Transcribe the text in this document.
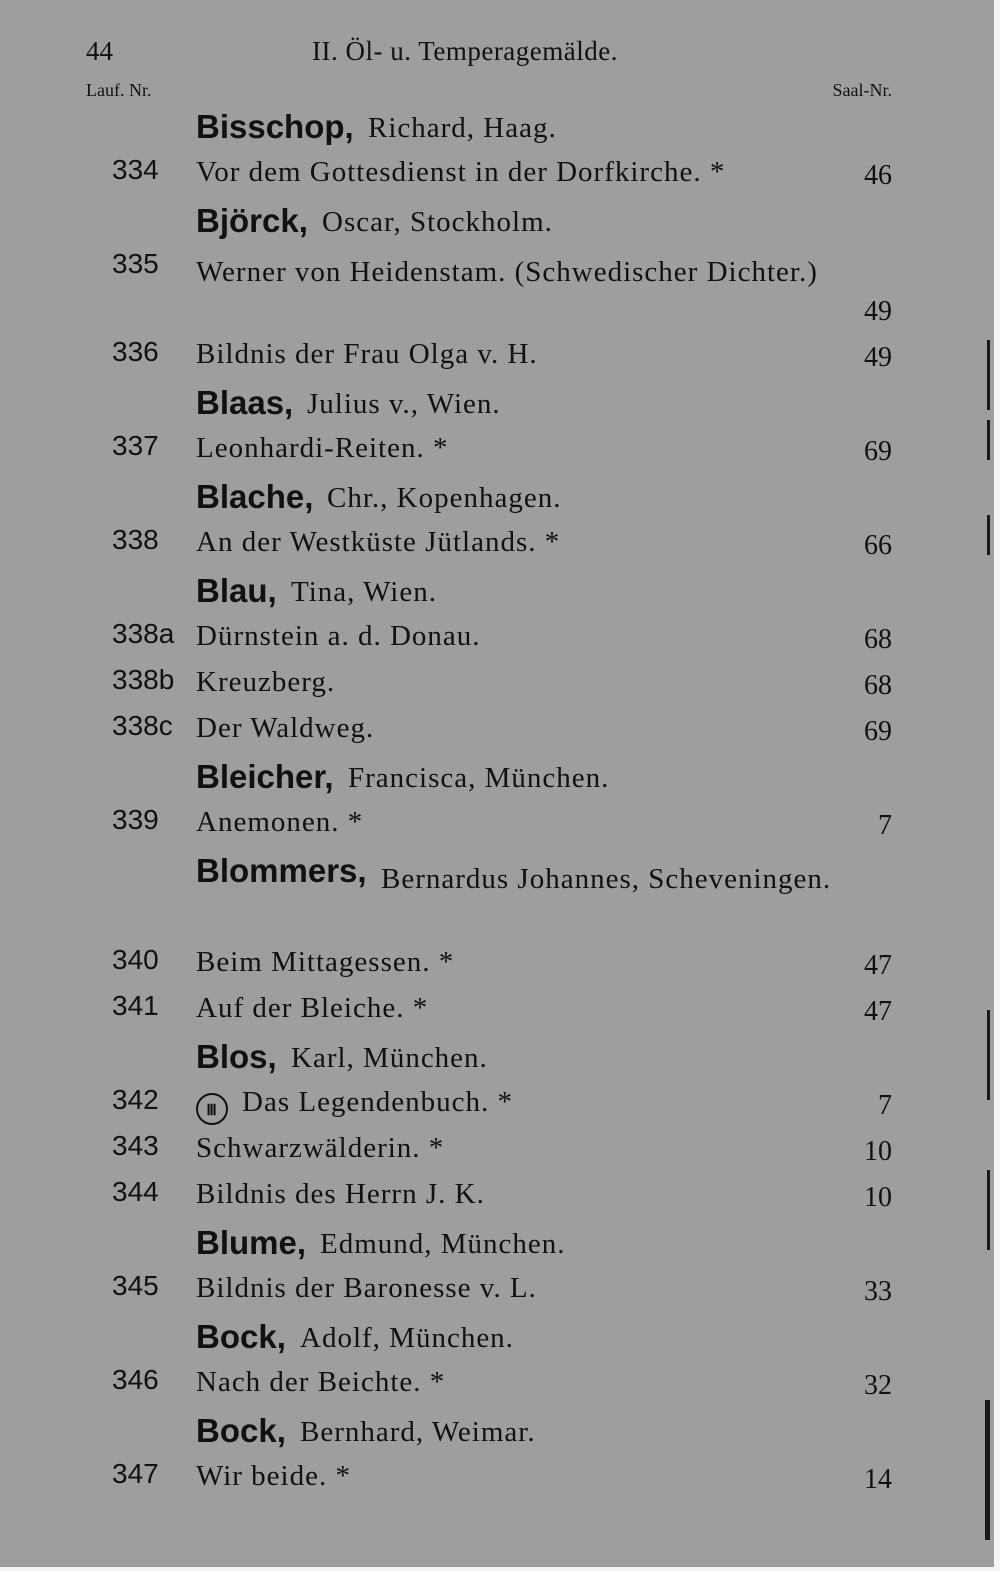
44	II. Öl- u. Temperagemälde.
Lauf. Nr.	Saal-Nr.
Bisschop, Richard, Haag.
334 Vor dem Gottesdienst in der Dorfkirche. *	46
Björck, Oscar, Stockholm.
335 Werner von Heidenstam. (Schwedischer Dichter.)
49
336 Bildnis der Frau Olga v. H.	49
Blaas, Julius v., Wien.
337 Leonhardi-Reiten. *	69
Blache, Chr., Kopenhagen.
338 An der Westküste Jütlands. *	66
Blau, Tina, Wien.
338a Dürnstein a. d. Donau.	68
338b Kreuzberg.	68
338c Der Waldweg.	69
Bleicher, Francisca, München.
339 Anemonen. *	7
Blommers, Bernardus Johannes, Scheveningen.
340 Beim Mittagessen. *	47
341 Auf der Bleiche. *	47
Blos, Karl, München.
342	Ⅲ Das Legendenbuch. *	7
343 Schwarzwälderin. *	10
344 Bildnis des Herrn J. K.	10
Blume, Edmund, München.
345 Bildnis der Baronesse v. L.	33
Bock, Adolf, München.
346 Nach der Beichte. *	32
Bock, Bernhard, Weimar.
347 Wir beide. *	14
